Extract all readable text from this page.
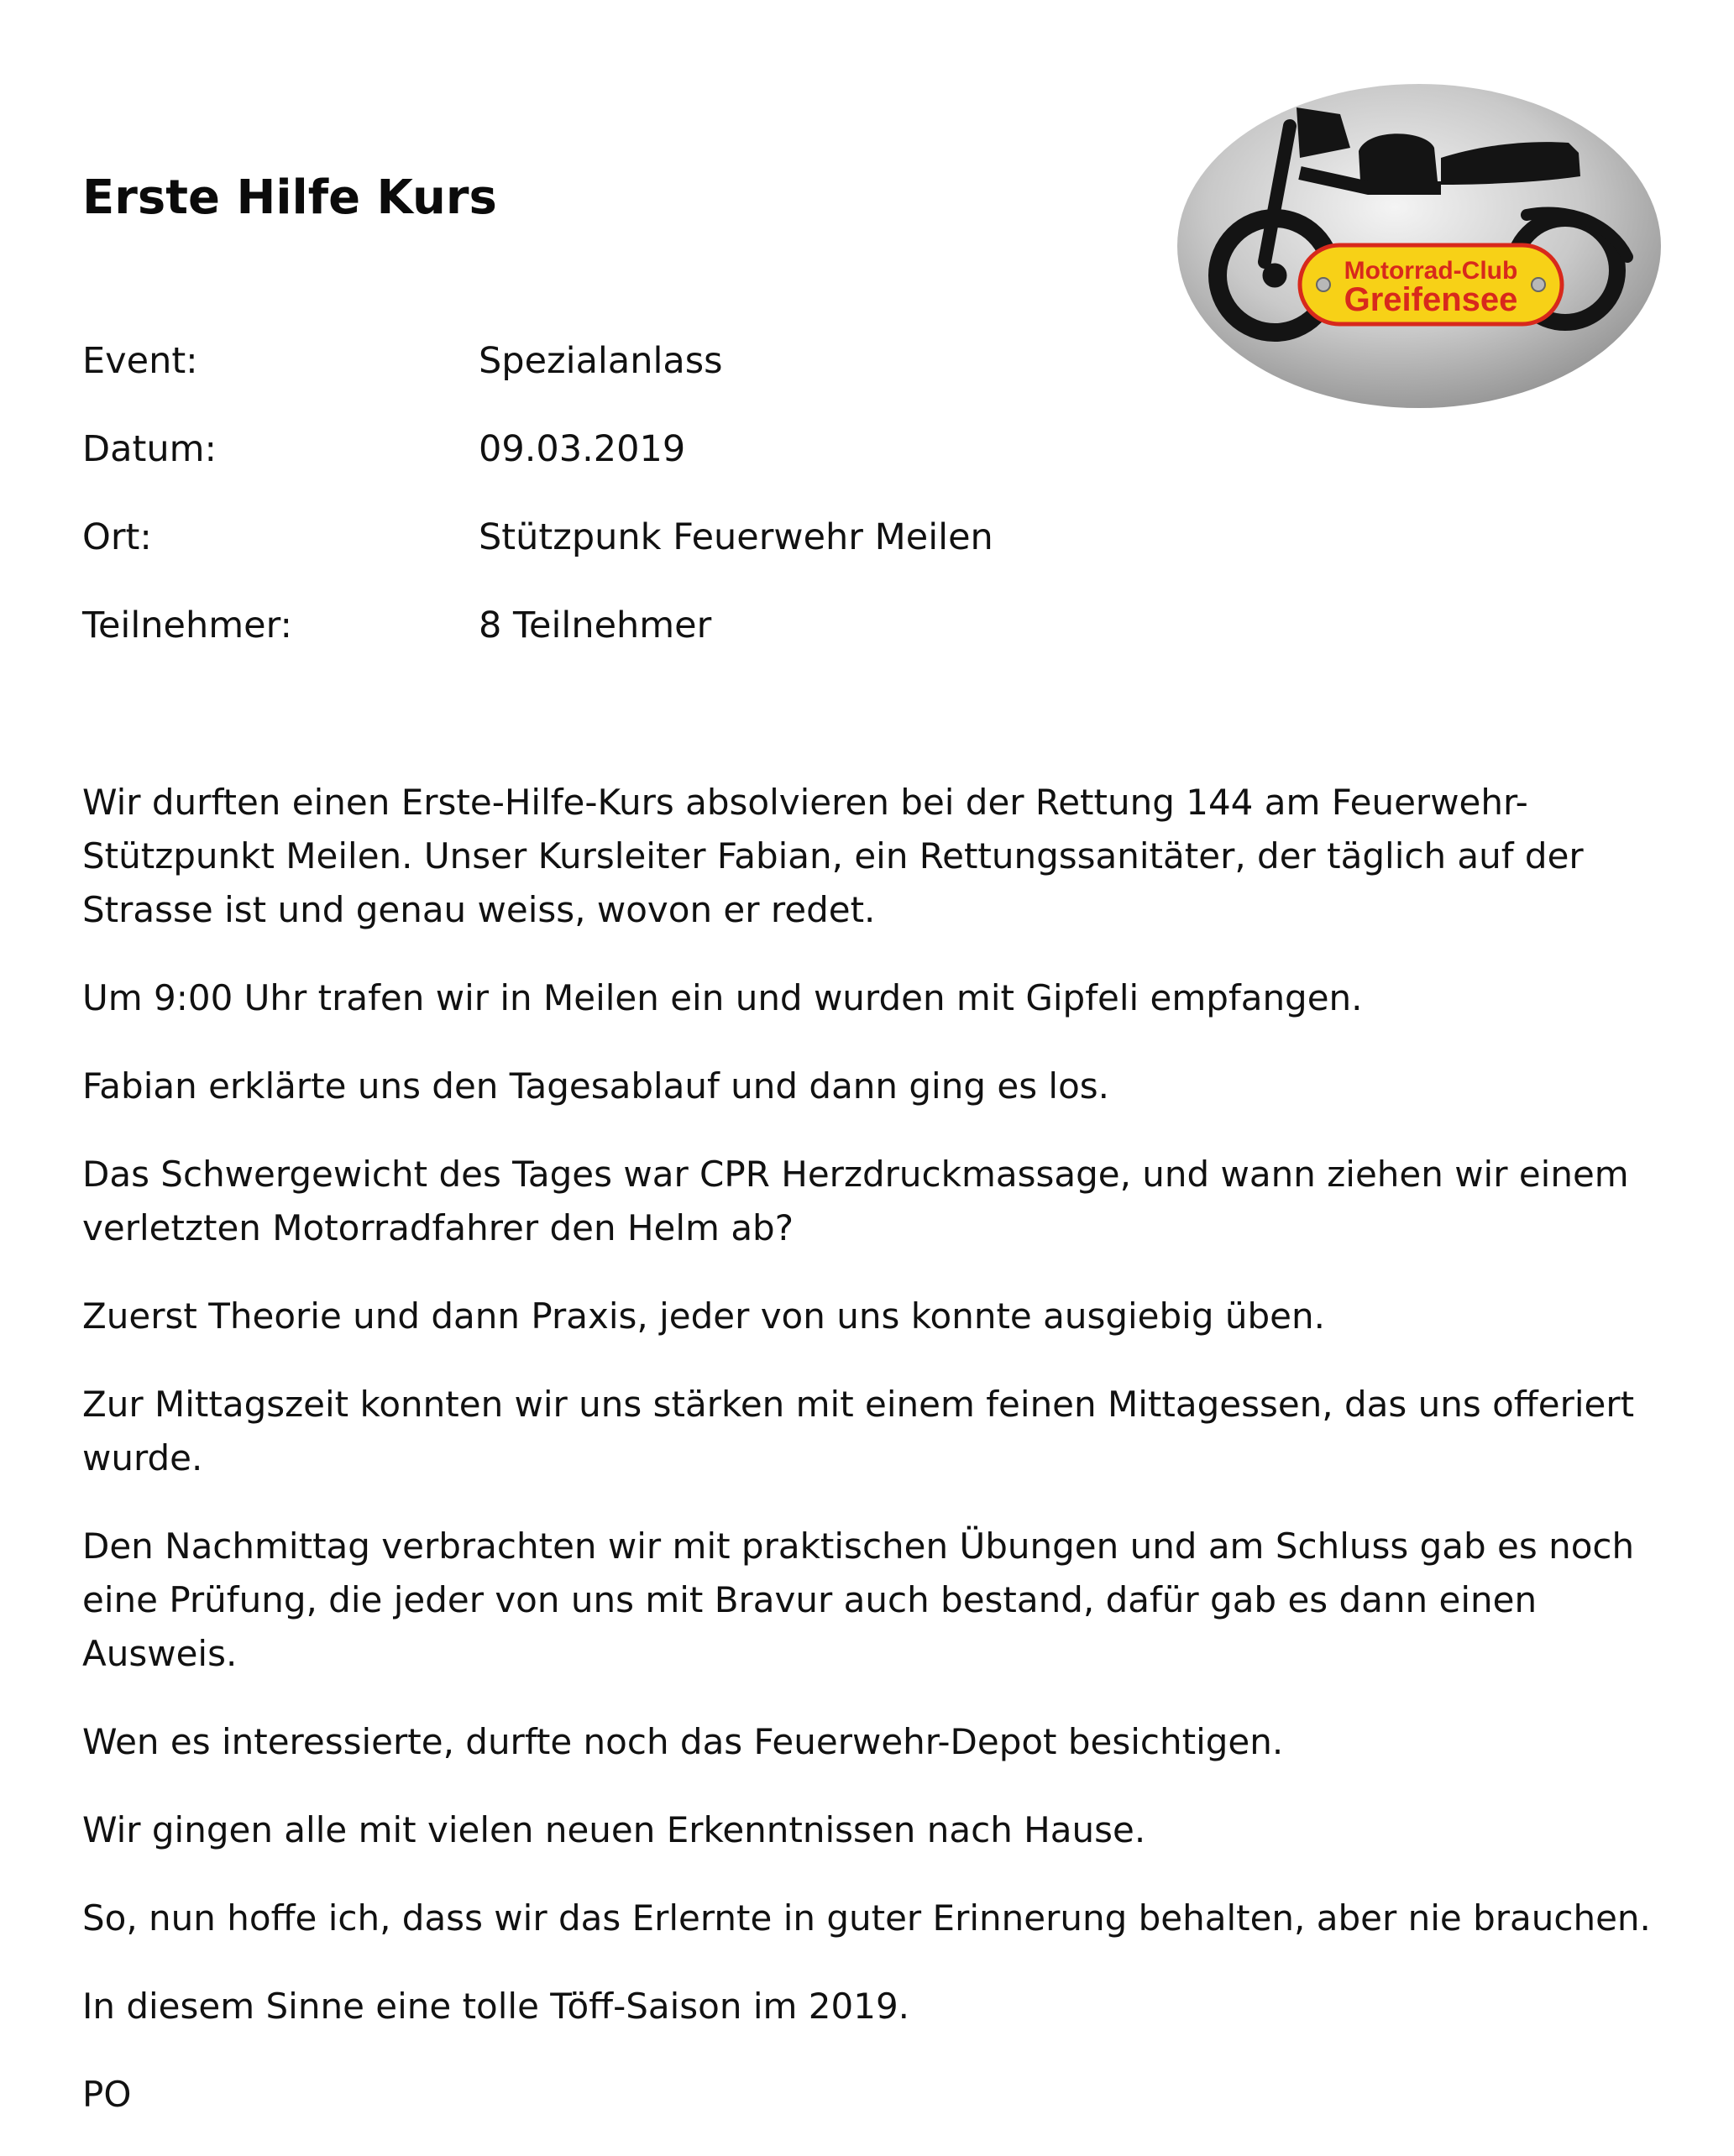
Erste Hilfe Kurs
Motorrad-Club
Greifensee
Event:	Spezialanlass
Datum:	09.03.2019
Ort:	Stützpunk Feuerwehr Meilen
Teilnehmer:	8 Teilnehmer

Wir durften einen Erste-Hilfe-Kurs absolvieren bei der Rettung 144 am Feuerwehr-Stützpunkt Meilen. Unser Kursleiter Fabian, ein Rettungssanitäter, der täglich auf der Strasse ist und genau weiss, wovon er redet.

Um 9:00 Uhr trafen wir in Meilen ein und wurden mit Gipfeli empfangen.

Fabian erklärte uns den Tagesablauf und dann ging es los.

Das Schwergewicht des Tages war CPR Herzdruckmassage, und wann ziehen wir einem verletzten Motorradfahrer den Helm ab?

Zuerst Theorie und dann Praxis, jeder von uns konnte ausgiebig üben.

Zur Mittagszeit konnten wir uns stärken mit einem feinen Mittagessen, das uns offeriert wurde.

Den Nachmittag verbrachten wir mit praktischen Übungen und am Schluss gab es noch eine Prüfung, die jeder von uns mit Bravur auch bestand, dafür gab es dann einen Ausweis.

Wen es interessierte, durfte noch das Feuerwehr-Depot besichtigen.

Wir gingen alle mit vielen neuen Erkenntnissen nach Hause.

So, nun hoffe ich, dass wir das Erlernte in guter Erinnerung behalten, aber nie brauchen.

In diesem Sinne eine tolle Töff-Saison im 2019.

PO
